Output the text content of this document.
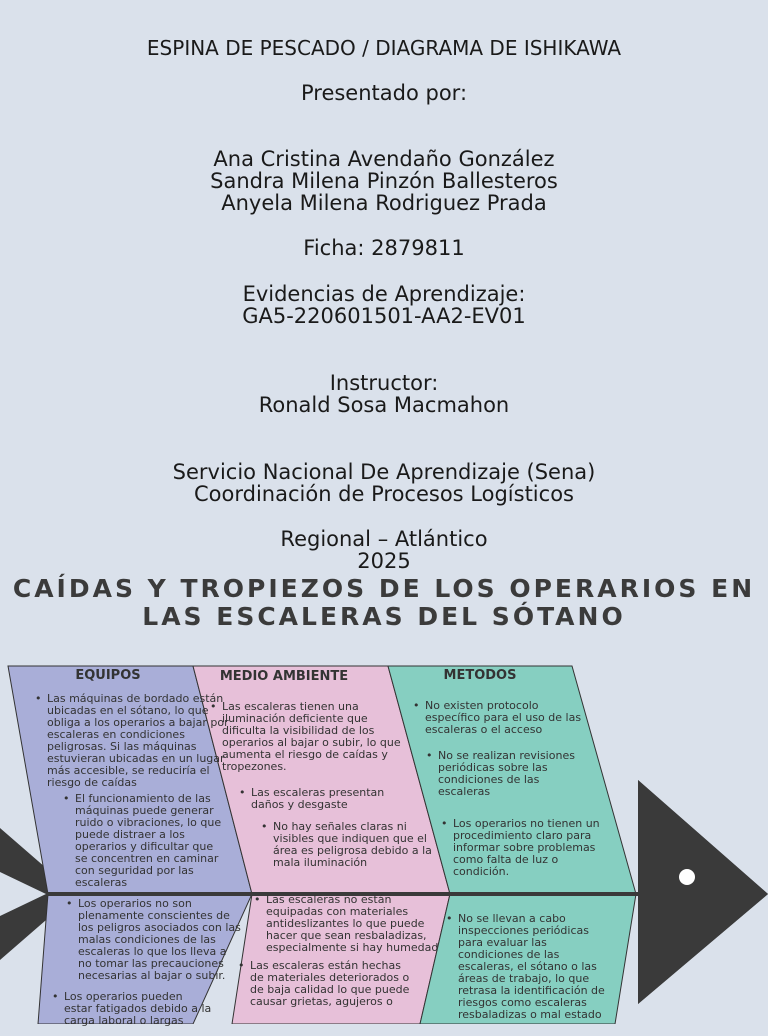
ESPINA DE PESCADO / DIAGRAMA DE ISHIKAWA
Presentado por:
Ana Cristina Avendaño González
Sandra Milena Pinzón Ballesteros
Anyela Milena Rodriguez Prada
Ficha: 2879811
Evidencias de Aprendizaje:
GA5-220601501-AA2-EV01
Instructor:
Ronald Sosa Macmahon
Servicio Nacional De Aprendizaje (Sena)
Coordinación de Procesos Logísticos
Regional – Atlántico
2025
CAÍDAS Y TROPIEZOS DE LOS OPERARIOS EN
LAS ESCALERAS DEL SÓTANO
EQUIPOS	MEDIO AMBIENTE	METODOS
• Las máquinas de bordado están ubicadas en el sótano, lo que obliga a los operarios a bajar por escaleras en condiciones peligrosas. Si las máquinas estuvieran ubicadas en un lugar más accesible, se reduciría el riesgo de caídas
• El funcionamiento de las máquinas puede generar ruido o vibraciones, lo que puede distraer a los operarios y dificultar que se concentren en caminar con seguridad por las escaleras
• Los operarios no son plenamente conscientes de los peligros asociados con las malas condiciones de las escaleras lo que los lleva a no tomar las precauciones necesarias al bajar o subir.
• Los operarios pueden estar fatigados debido a la carga laboral o largas
• Las escaleras tienen una iluminación deficiente que dificulta la visibilidad de los operarios al bajar o subir, lo que aumenta el riesgo de caídas y tropezones.
• Las escaleras presentan daños y desgaste
• No hay señales claras ni visibles que indiquen que el área es peligrosa debido a la mala iluminación
• Las escaleras no están equipadas con materiales antideslizantes lo que puede hacer que sean resbaladizas, especialmente si hay humedad
• Las escaleras están hechas de materiales deteriorados o de baja calidad lo que puede causar grietas, agujeros o
• No existen protocolo específico para el uso de las escaleras o el acceso
• No se realizan revisiones periódicas sobre las condiciones de las escaleras
• Los operarios no tienen un procedimiento claro para informar sobre problemas como falta de luz o condición.
• No se llevan a cabo inspecciones periódicas para evaluar las condiciones de las escaleras, el sótano o las áreas de trabajo, lo que retrasa la identificación de riesgos como escaleras resbaladizas o mal estado
